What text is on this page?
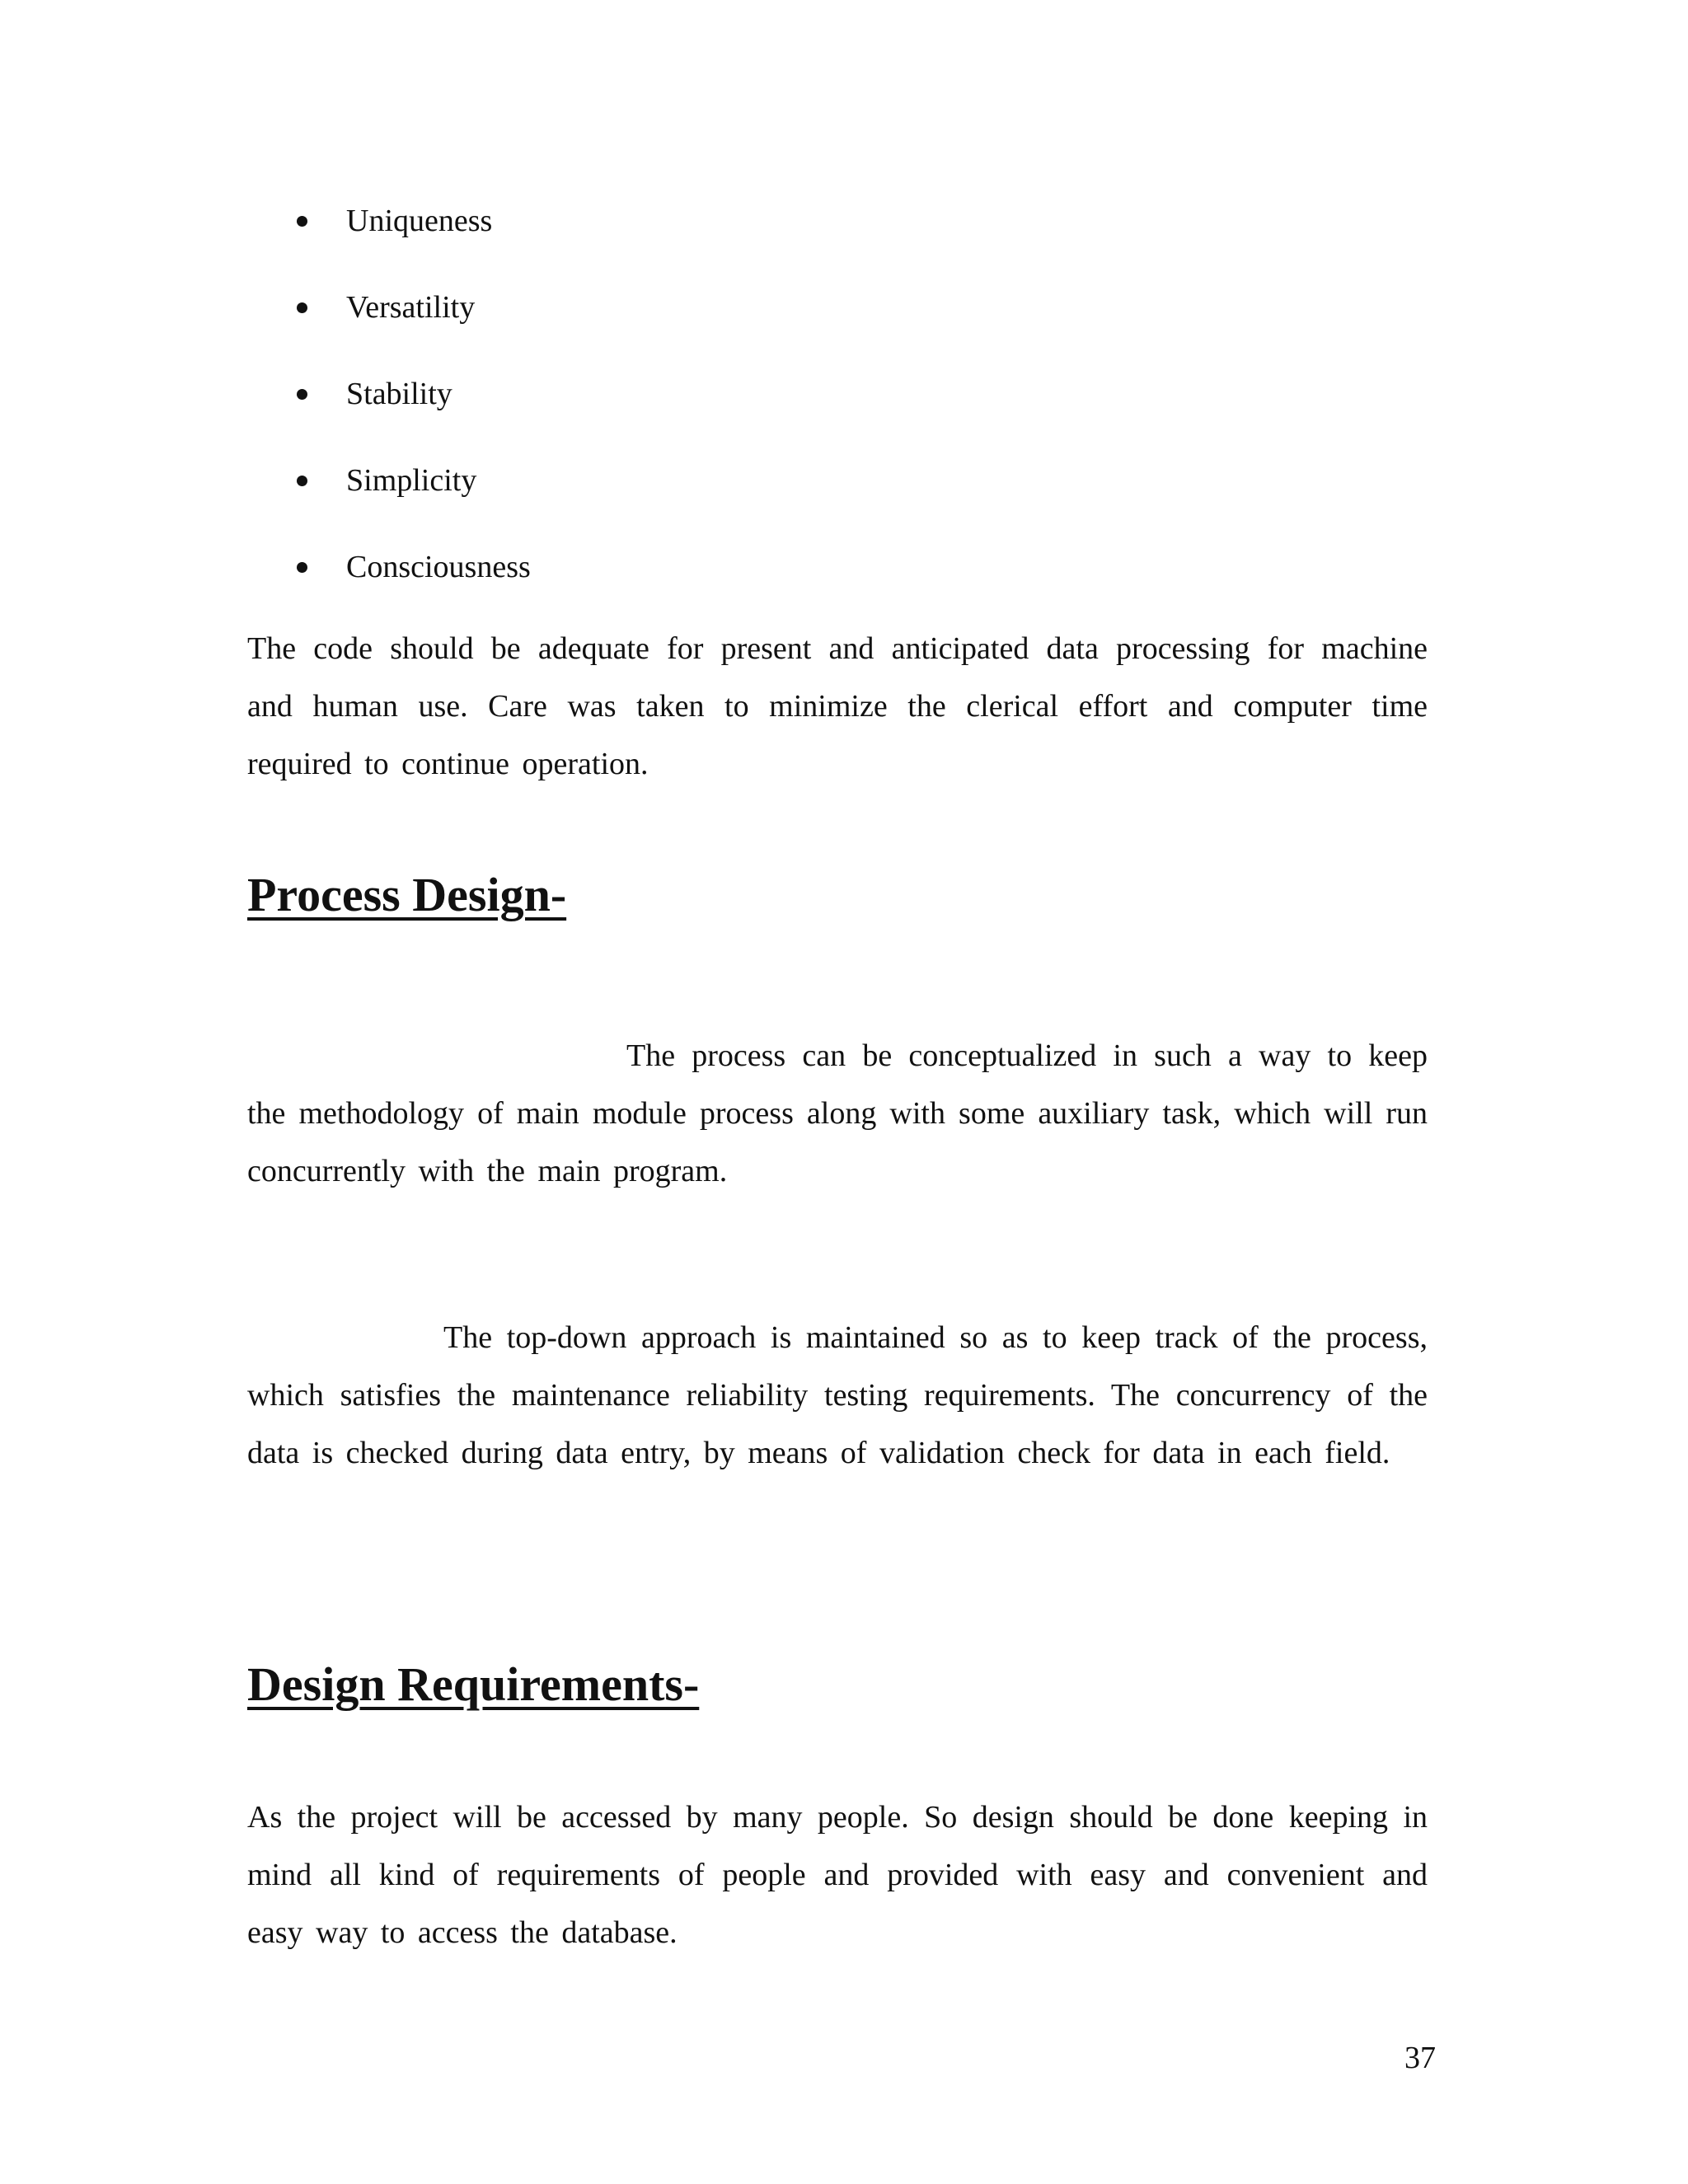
Uniqueness
Versatility
Stability
Simplicity
Consciousness

The code should be adequate for present and anticipated data processing for machine and human use. Care was taken to minimize the clerical effort and computer time required to continue operation.

Process Design-

The process can be conceptualized in such a way to keep the methodology of main module process along with some auxiliary task, which will run concurrently with the main program.

The top-down approach is maintained so as to keep track of the process, which satisfies the maintenance reliability testing requirements. The concurrency of the data is checked during data entry, by means of validation check for data in each field.

Design Requirements-

As the project will be accessed by many people. So design should be done keeping in mind all kind of requirements of people and provided with easy and convenient and easy way to access the database.

37
